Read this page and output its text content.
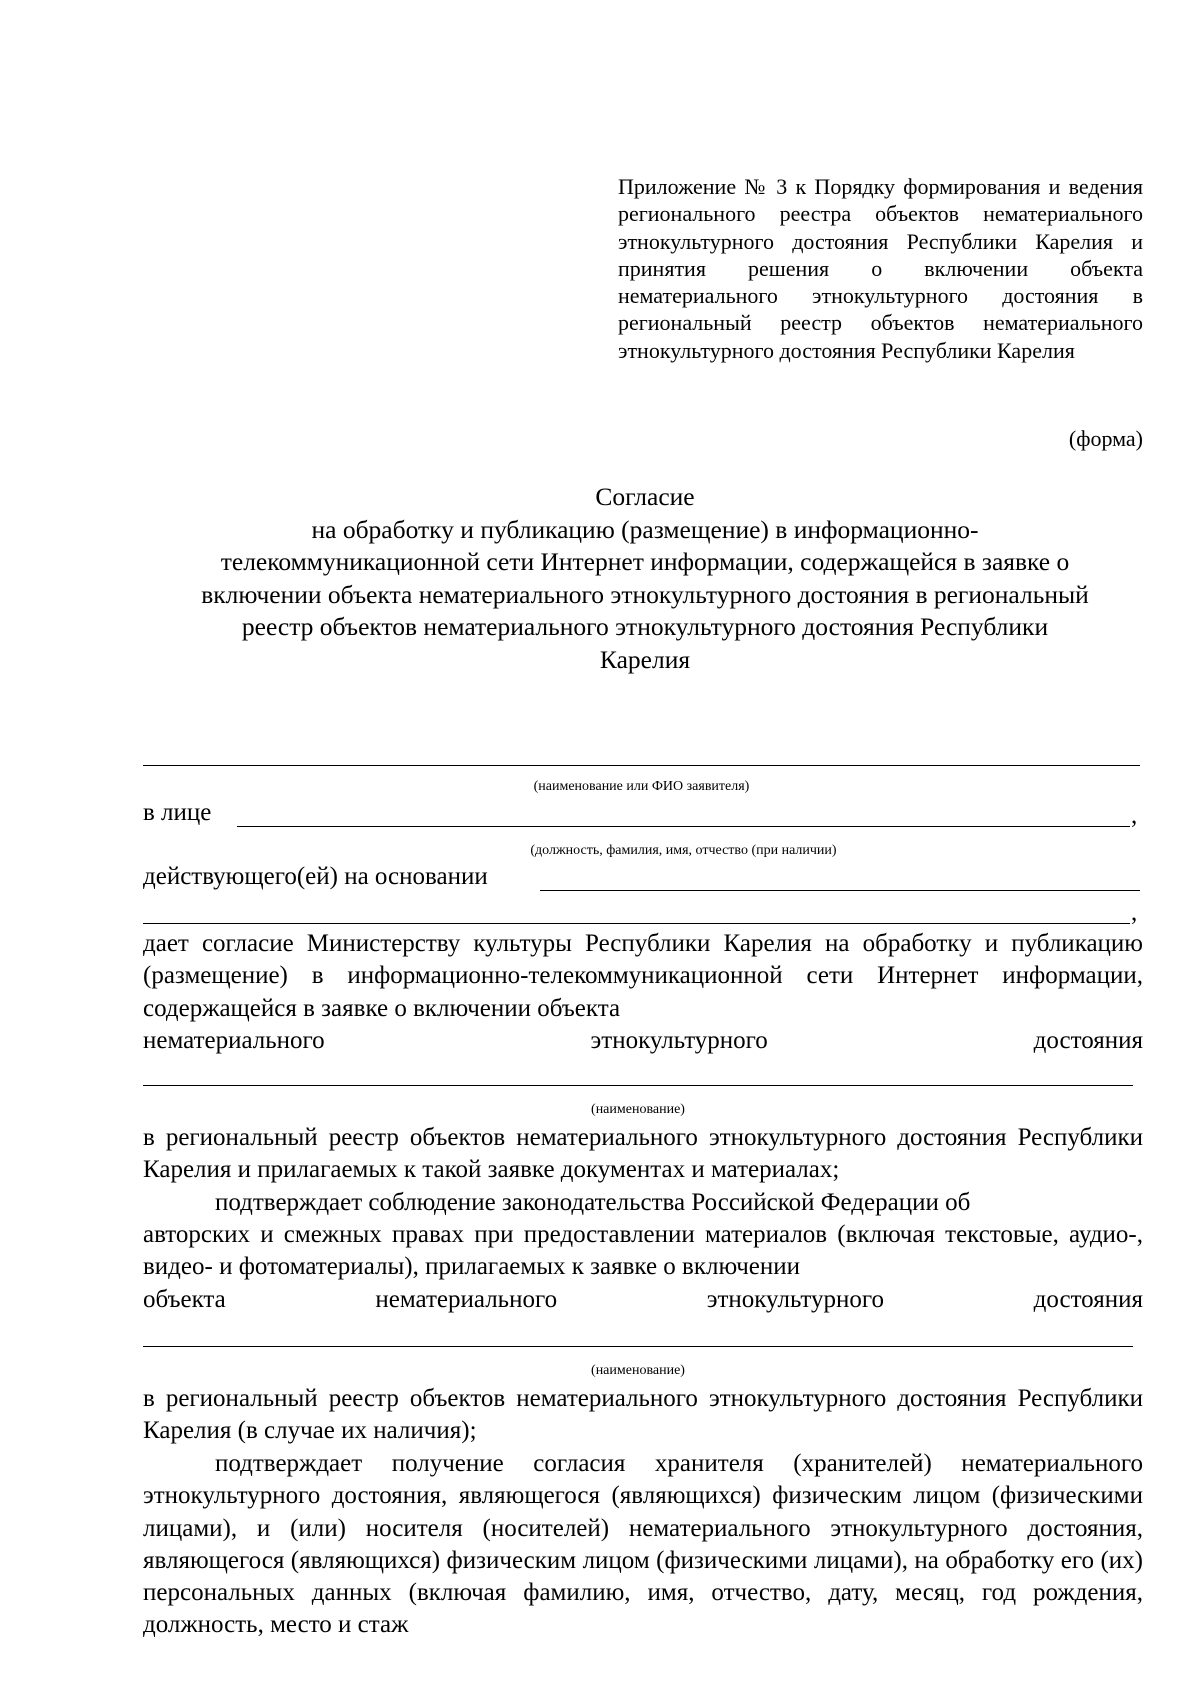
Приложение № 3 к Порядку формирования и ведения регионального реестра объектов нематериального этнокультурного достояния Республики Карелия и принятия решения о включении объекта нематериального этнокультурного достояния в региональный реестр объектов нематериального этнокультурного достояния Республики Карелия
(форма)
Согласие
на обработку и публикацию (размещение) в информационно-
телекоммуникационной сети Интернет информации, содержащейся в заявке о
включении объекта нематериального этнокультурного достояния в региональный
реестр объектов нематериального этнокультурного достояния Республики
Карелия
(наименование или ФИО заявителя)
в лице	,
(должность, фамилия, имя, отчество (при наличии)
действующего(ей) на основании
,
дает согласие Министерству культуры Республики Карелия на обработку и публикацию (размещение) в информационно-телекоммуникационной сети Интернет информации, содержащейся в заявке о включении объекта
нематериального	этнокультурного	достояния
(наименование)
в региональный реестр объектов нематериального этнокультурного достояния Республики Карелия и прилагаемых к такой заявке документах и материалах;
подтверждает соблюдение законодательства Российской Федерации об
авторских и смежных правах при предоставлении материалов (включая текстовые, аудио-, видео- и фотоматериалы), прилагаемых к заявке о включении
объекта	нематериального	этнокультурного	достояния
(наименование)
в региональный реестр объектов нематериального этнокультурного достояния Республики Карелия (в случае их наличия);
подтверждает получение согласия хранителя (хранителей) нематериального этнокультурного достояния, являющегося (являющихся) физическим лицом (физическими лицами), и (или) носителя (носителей) нематериального этнокультурного достояния, являющегося (являющихся) физическим лицом (физическими лицами), на обработку его (их) персональных данных (включая фамилию, имя, отчество, дату, месяц, год рождения, должность, место и стаж
